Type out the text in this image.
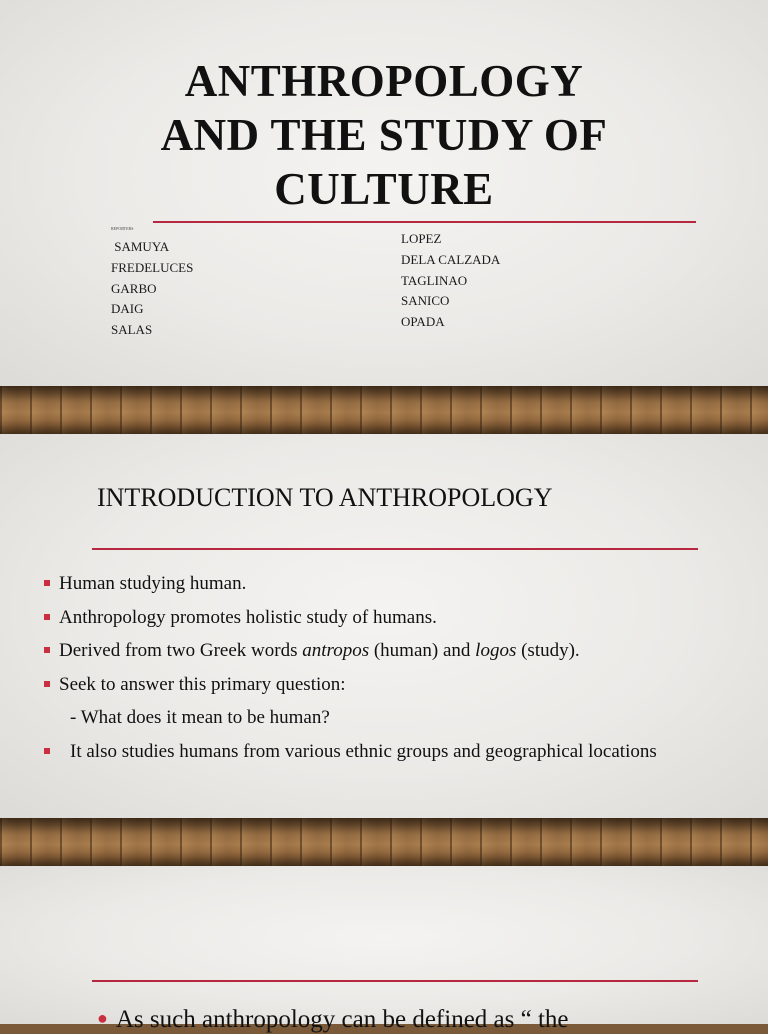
ANTHROPOLOGY
AND THE STUDY OF
CULTURE
REPORTERS
SAMUYA
FREDELUCES
GARBO
DAIG
SALAS
LOPEZ
DELA CALZADA
TAGLINAO
SANICO
OPADA
INTRODUCTION TO ANTHROPOLOGY
Human studying human.
Anthropology promotes holistic study of humans.
Derived from two Greek words antropos (human) and logos (study).
Seek to answer this primary question:
- What does it mean to be human?
It also studies humans from various ethnic groups and geographical locations
● As such anthropology can be defined as “ the
